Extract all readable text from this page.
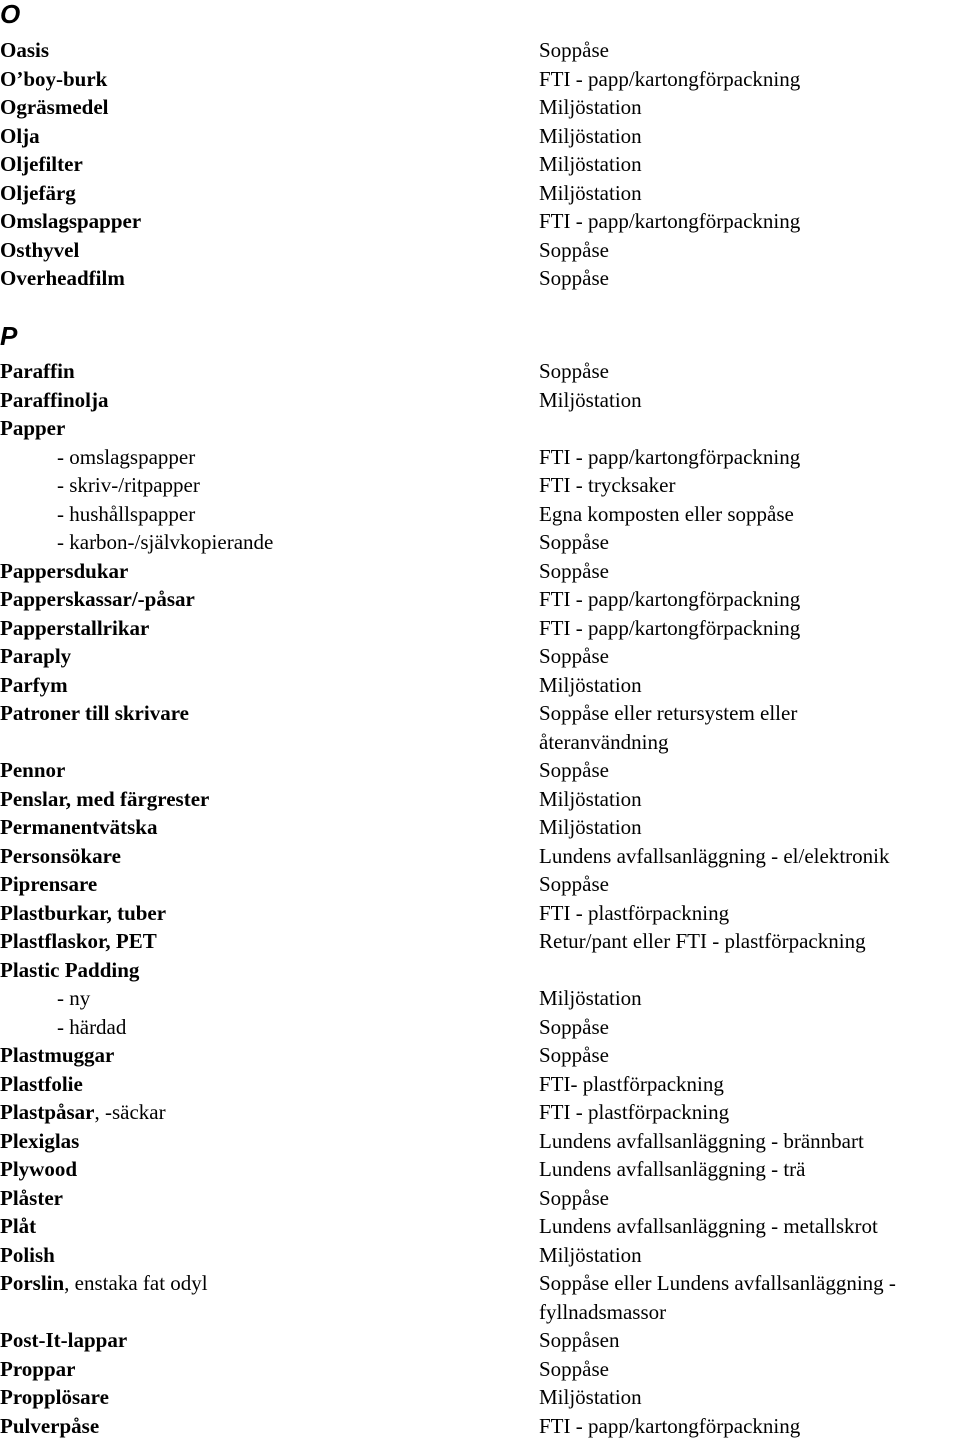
O
Oasis	Soppåse
O’boy-burk	FTI - papp/kartongförpackning
Ogräsmedel	Miljöstation
Olja	Miljöstation
Oljefilter	Miljöstation
Oljefärg	Miljöstation
Omslagspapper	FTI - papp/kartongförpackning
Osthyvel	Soppåse
Overheadfilm	Soppåse
P
Paraffin	Soppåse
Paraffinolja	Miljöstation
Papper
- omslagspapper	FTI - papp/kartongförpackning
- skriv-/ritpapper	FTI - trycksaker
- hushållspapper	Egna komposten eller soppåse
- karbon-/självkopierande	Soppåse
Pappersdukar	Soppåse
Papperskassar/-påsar	FTI - papp/kartongförpackning
Papperstallrikar	FTI - papp/kartongförpackning
Paraply	Soppåse
Parfym	Miljöstation
Patroner till skrivare	Soppåse eller retursystem eller
återanvändning
Pennor	Soppåse
Penslar, med färgrester	Miljöstation
Permanentvätska	Miljöstation
Personsökare	Lundens avfallsanläggning - el/elektronik
Piprensare	Soppåse
Plastburkar, tuber	FTI - plastförpackning
Plastflaskor, PET	Retur/pant eller FTI - plastförpackning
Plastic Padding
- ny	Miljöstation
- härdad	Soppåse
Plastmuggar	Soppåse
Plastfolie	FTI- plastförpackning
Plastpåsar, -säckar	FTI - plastförpackning
Plexiglas	Lundens avfallsanläggning - brännbart
Plywood	Lundens avfallsanläggning - trä
Plåster	Soppåse
Plåt	Lundens avfallsanläggning - metallskrot
Polish	Miljöstation
Porslin, enstaka fat odyl	Soppåse eller Lundens avfallsanläggning -
fyllnadsmassor
Post-It-lappar	Soppåsen
Proppar	Soppåse
Propplösare	Miljöstation
Pulverpåse	FTI - papp/kartongförpackning
